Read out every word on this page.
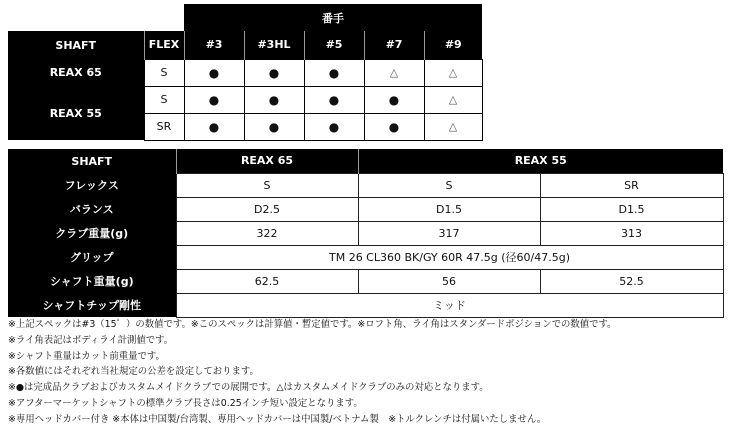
		番手				
SHAFT	FLEX	#3	#3HL	#5	#7	#9
REAX 65	S	●	●	●	△	△
REAX 55	S	●	●	●	●	△
	SR	●	●	●	●	△
SHAFT	REAX 65	REAX 55	
フレックス	S	S	SR
バランス	D2.5	D1.5	D1.5
クラブ重量(g)	322	317	313
グリップ	TM 26 CL360 BK/GY 60R 47.5g (径60/47.5g)		
シャフト重量(g)	62.5	56	52.5
シャフトチップ剛性	ミッド		
※上記スペックは#3（15゜）の数値です。※このスペックは計算値・暫定値です。※ロフト角、ライ角はスタンダードポジションでの数値です。
※ライ角表記はボディライ計測値です。
※シャフト重量はカット前重量です。
※各数値にはそれぞれ当社規定の公差を設定しております。
※●は完成品クラブおよびカスタムメイドクラブでの展開です。△はカスタムメイドクラブのみの対応となります。
※アフターマーケットシャフトの標準クラブ長さは0.25インチ短い設定となります。
※専用ヘッドカバー付き ※本体は中国製/台湾製、専用ヘッドカバーは中国製/ベトナム製　※トルクレンチは付属いたしません。
